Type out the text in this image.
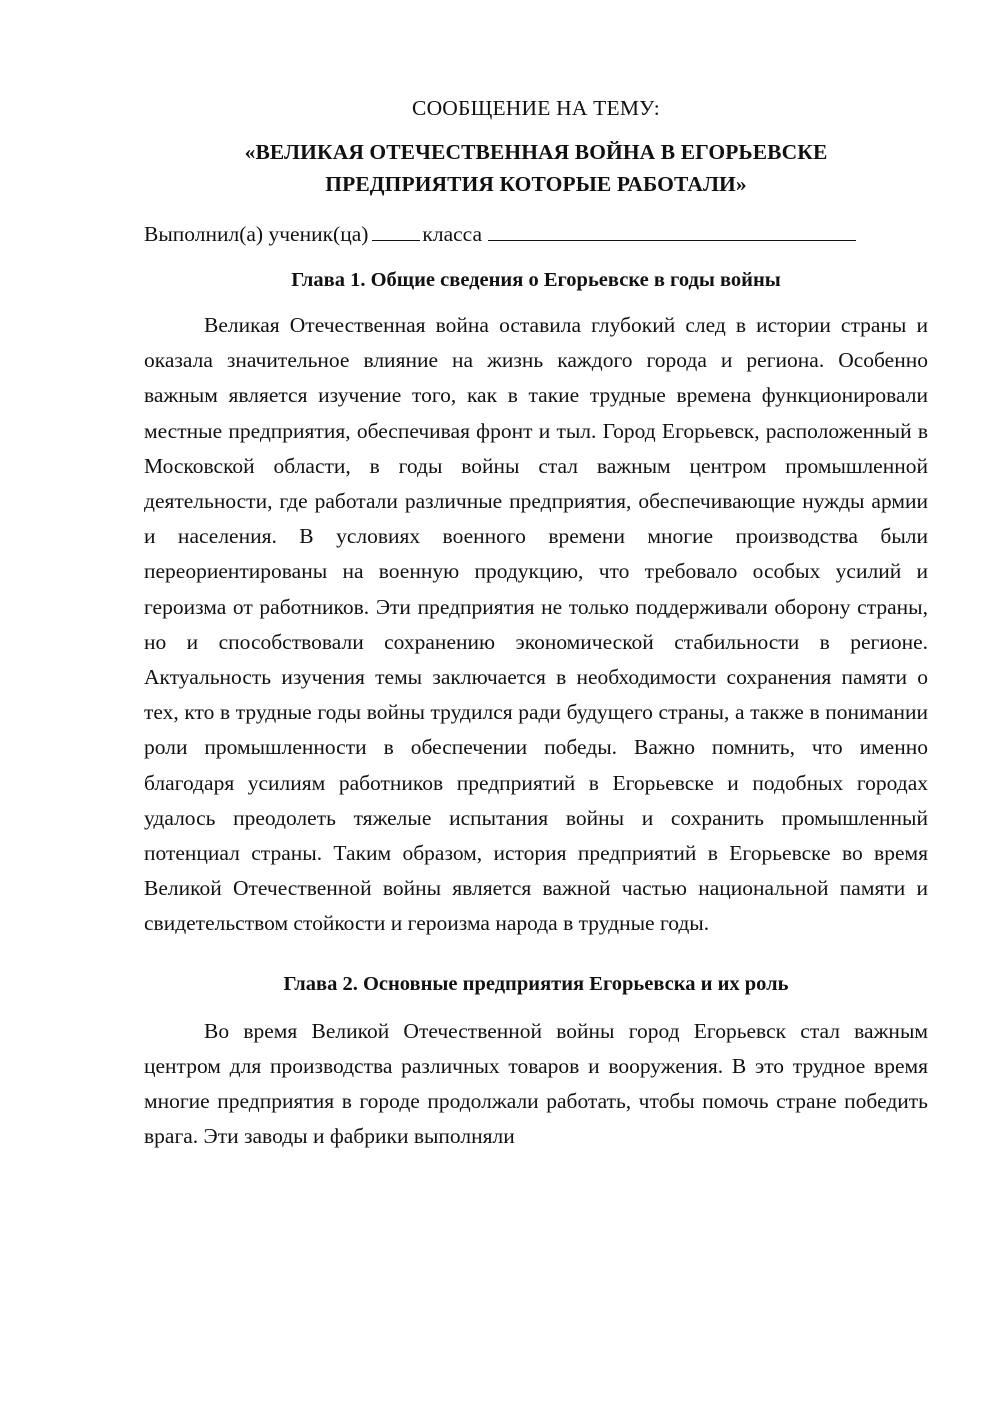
СООБЩЕНИЕ НА ТЕМУ:
«ВЕЛИКАЯ ОТЕЧЕСТВЕННАЯ ВОЙНА В ЕГОРЬЕВСКЕ
ПРЕДПРИЯТИЯ КОТОРЫЕ РАБОТАЛИ»
Выполнил(а) ученик(ца)	класса
Глава 1. Общие сведения о Егорьевске в годы войны

Великая Отечественная война оставила глубокий след в истории страны и оказала значительное влияние на жизнь каждого города и региона. Особенно важным является изучение того, как в такие трудные времена функционировали местные предприятия, обеспечивая фронт и тыл. Город Егорьевск, расположенный в Московской области, в годы войны стал важным центром промышленной деятельности, где работали различные предприятия, обеспечивающие нужды армии и населения. В условиях военного времени многие производства были переориентированы на военную продукцию, что требовало особых усилий и героизма от работников. Эти предприятия не только поддерживали оборону страны, но и способствовали сохранению экономической стабильности в регионе. Актуальность изучения темы заключается в необходимости сохранения памяти о тех, кто в трудные годы войны трудился ради будущего страны, а также в понимании роли промышленности в обеспечении победы. Важно помнить, что именно благодаря усилиям работников предприятий в Егорьевске и подобных городах удалось преодолеть тяжелые испытания войны и сохранить промышленный потенциал страны. Таким образом, история предприятий в Егорьевске во время Великой Отечественной войны является важной частью национальной памяти и свидетельством стойкости и героизма народа в трудные годы.

Глава 2. Основные предприятия Егорьевска и их роль

Во время Великой Отечественной войны город Егорьевск стал важным центром для производства различных товаров и вооружения. В это трудное время многие предприятия в городе продолжали работать, чтобы помочь стране победить врага. Эти заводы и фабрики выполняли
